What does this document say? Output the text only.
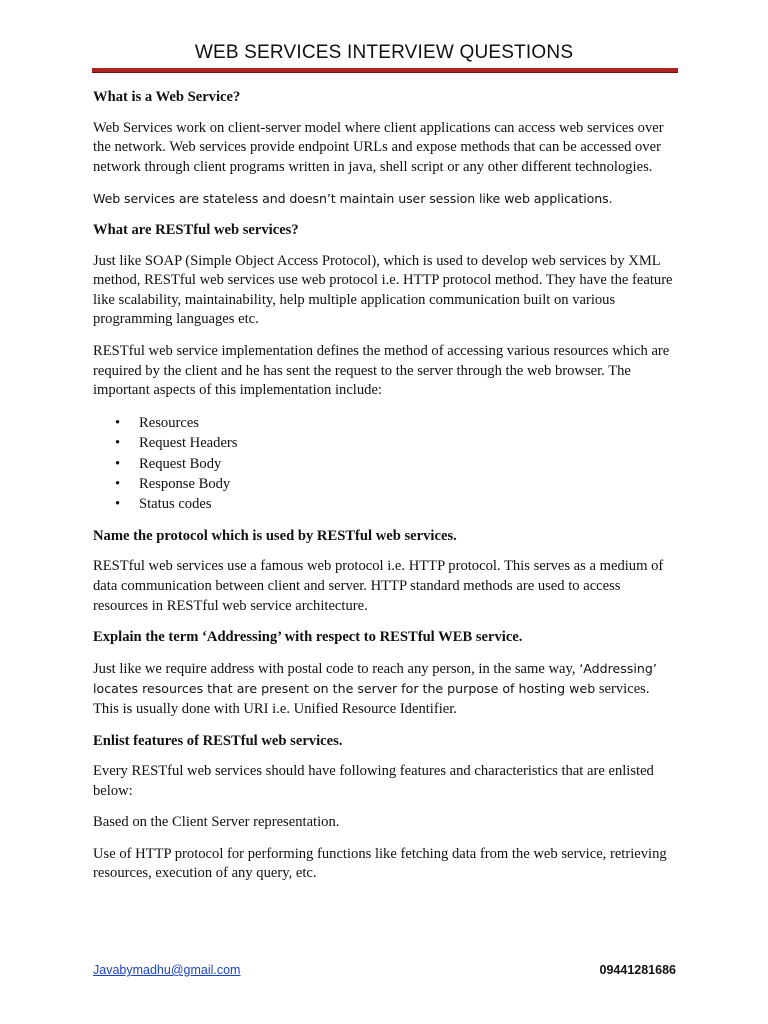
WEB SERVICES INTERVIEW QUESTIONS
What is a Web Service?

Web Services work on client-server model where client applications can access web services over the network. Web services provide endpoint URLs and expose methods that can be accessed over network through client programs written in java, shell script or any other different technologies.

Web services are stateless and doesn’t maintain user session like web applications.

What are RESTful web services?

Just like SOAP (Simple Object Access Protocol), which is used to develop web services by XML method, RESTful web services use web protocol i.e. HTTP protocol method. They have the feature like scalability, maintainability, help multiple application communication built on various programming languages etc.

RESTful web service implementation defines the method of accessing various resources which are required by the client and he has sent the request to the server through the web browser. The important aspects of this implementation include:

• Resources
• Request Headers
• Request Body
• Response Body
• Status codes
Name the protocol which is used by RESTful web services.

RESTful web services use a famous web protocol i.e. HTTP protocol. This serves as a medium of data communication between client and server. HTTP standard methods are used to access resources in RESTful web service architecture.

Explain the term ‘Addressing’ with respect to RESTful WEB service.

Just like we require address with postal code to reach any person, in the same way, ‘Addressing’ locates resources that are present on the server for the purpose of hosting web services. This is usually done with URI i.e. Unified Resource Identifier.

Enlist features of RESTful web services.

Every RESTful web services should have following features and characteristics that are enlisted below:

Based on the Client Server representation.

Use of HTTP protocol for performing functions like fetching data from the web service, retrieving resources, execution of any query, etc.

Javabymadhu@gmail.com	09441281686
